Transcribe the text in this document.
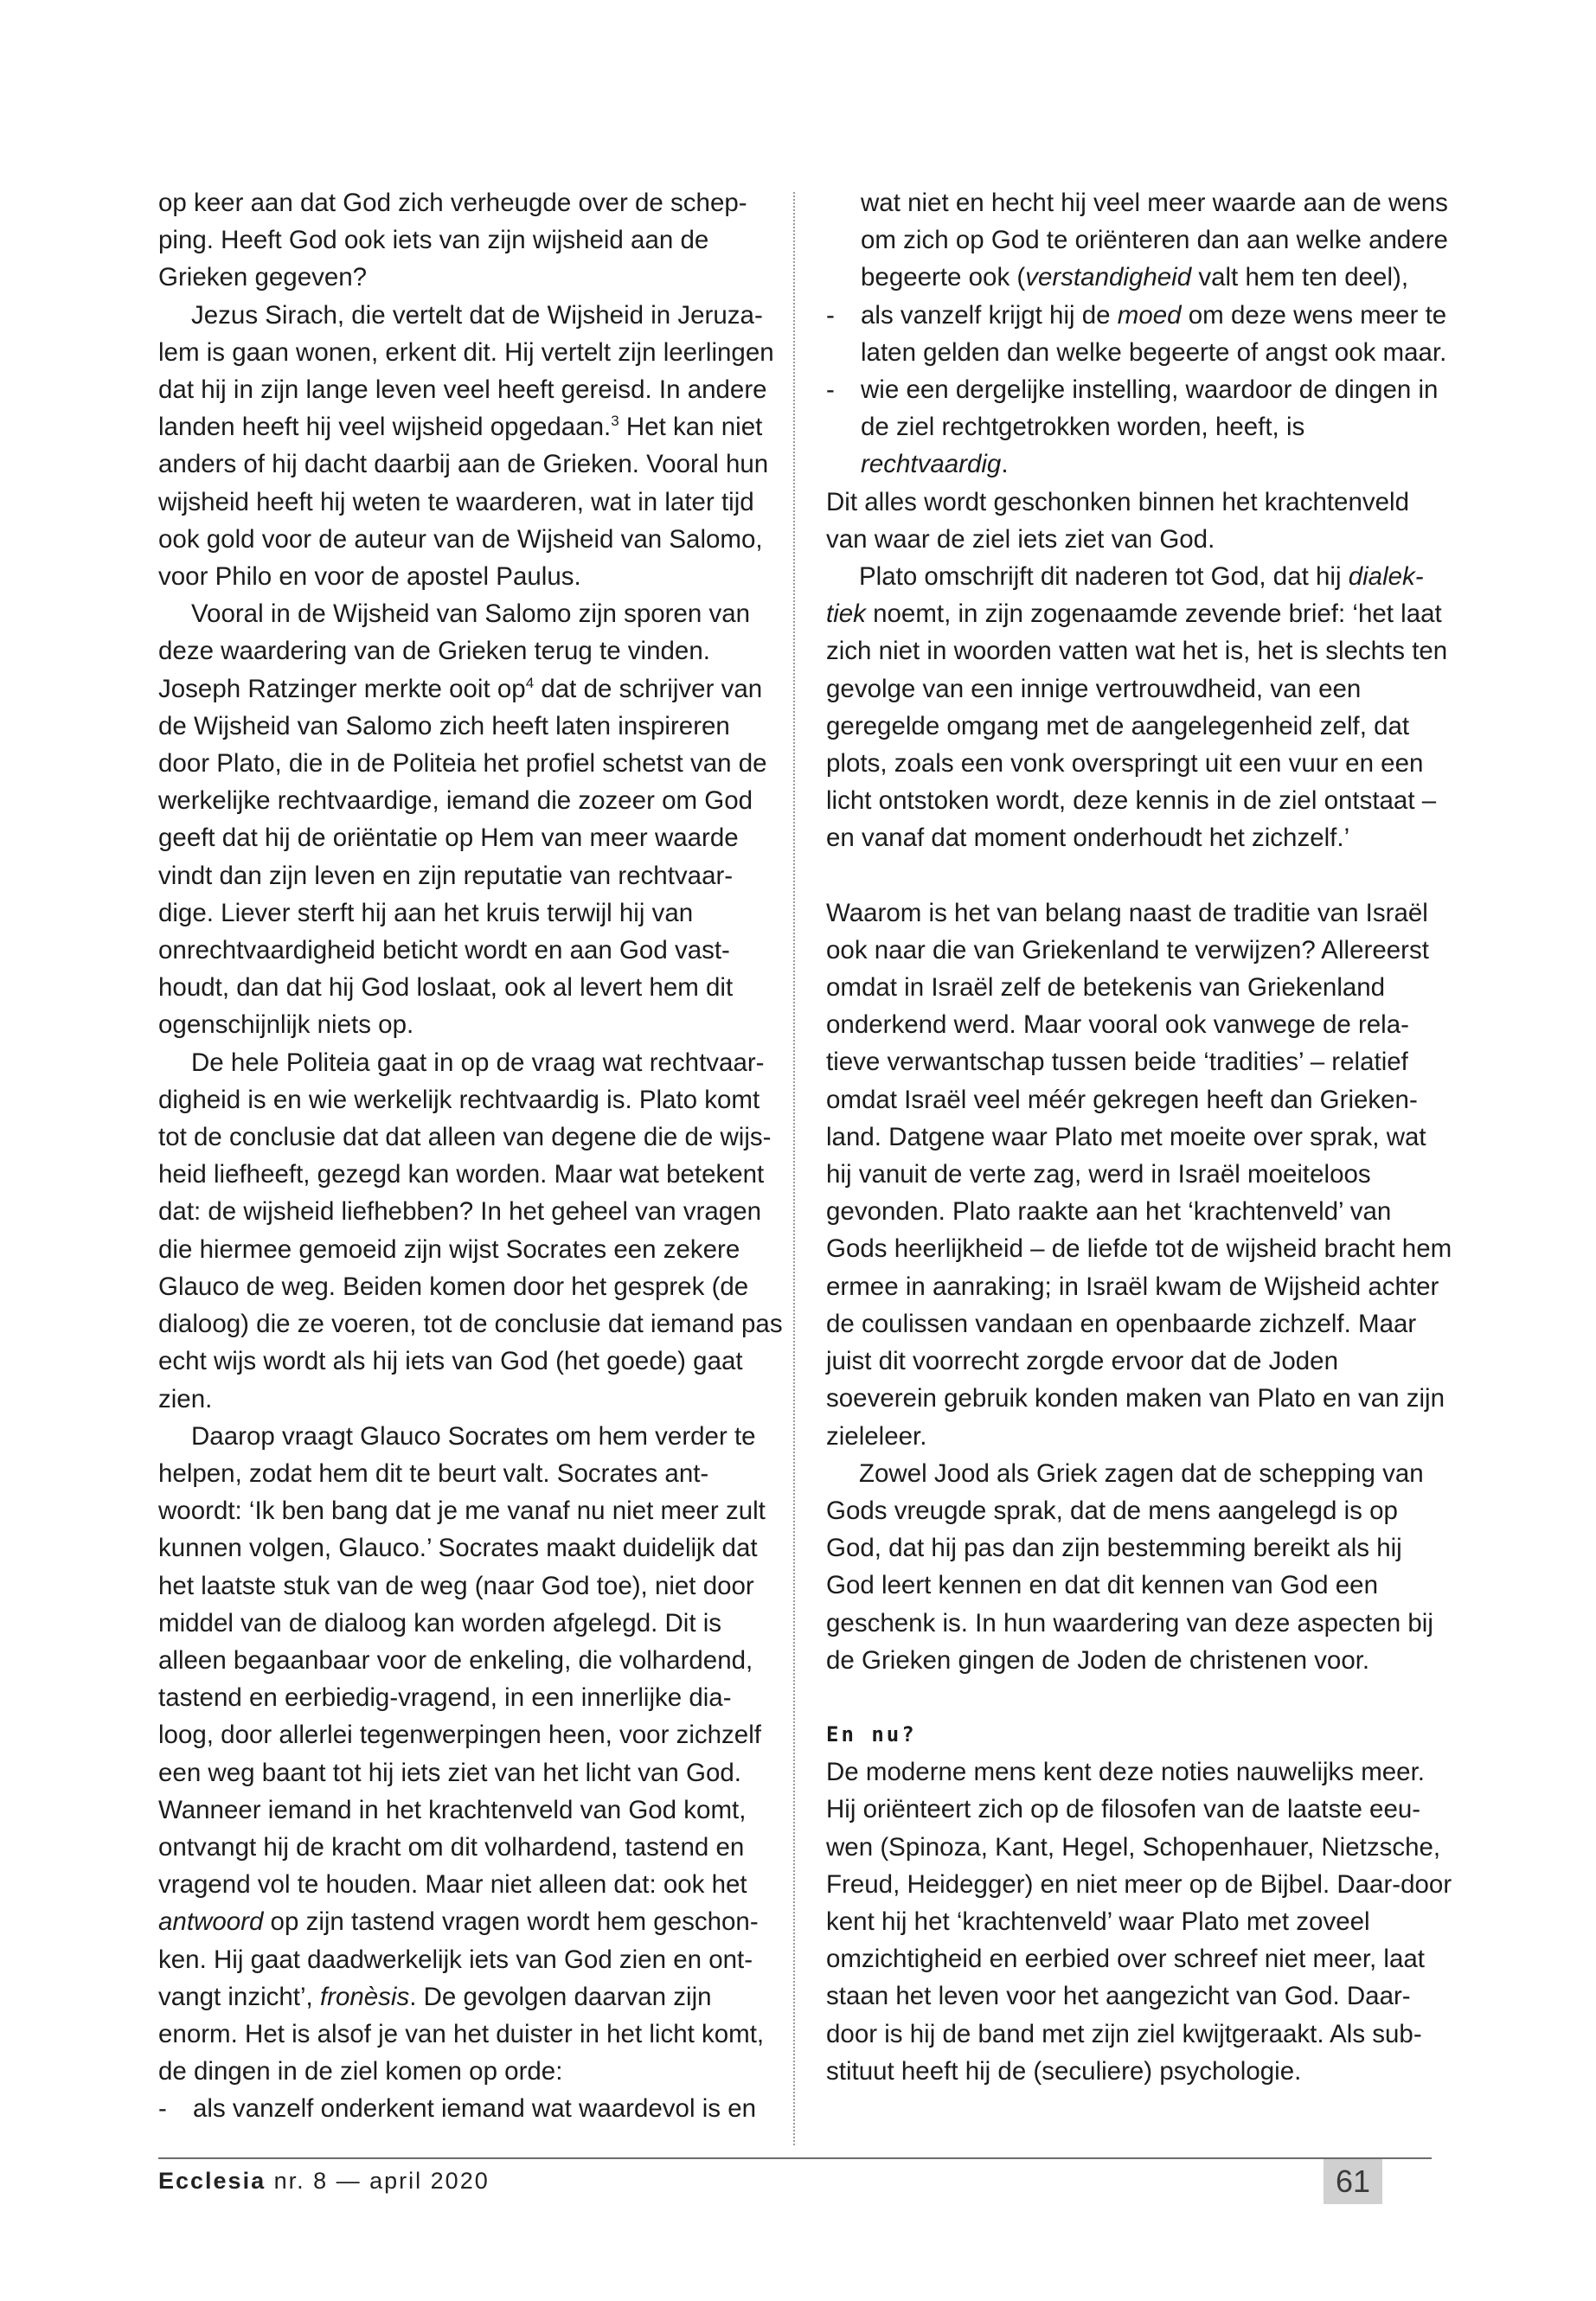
op keer aan dat God zich verheugde over de schep-ping. Heeft God ook iets van zijn wijsheid aan de Grieken gegeven?

Jezus Sirach, die vertelt dat de Wijsheid in Jeruza-lem is gaan wonen, erkent dit. Hij vertelt zijn leerlingen dat hij in zijn lange leven veel heeft gereisd. In andere landen heeft hij veel wijsheid opgedaan.$^3$ Het kan niet anders of hij dacht daarbij aan de Grieken. Vooral hun wijsheid heeft hij weten te waarderen, wat in later tijd ook gold voor de auteur van de Wijsheid van Salomo, voor Philo en voor de apostel Paulus.

Vooral in de Wijsheid van Salomo zijn sporen van deze waardering van de Grieken terug te vinden. Joseph Ratzinger merkte ooit $op^4$ dat de schrijver van de Wijsheid van Salomo zich heeft laten inspireren door Plato, die in de Politeia het profiel schetst van de werkelijke rechtvaardige, iemand die zozeer om God geeft dat hij de oriëntatie op Hem van meer waarde vindt dan zijn leven en zijn reputatie van rechtvaar-dige. Liever sterft hij aan het kruis terwijl hij van onrechtvaardigheid beticht wordt en aan God vast-houdt, dan dat hij God loslaat, ook al levert hem dit ogenschijnlijk niets op.

De hele Politeia gaat in op de vraag wat rechtvaar-digheid is en wie werkelijk rechtvaardig is. Plato komt tot de conclusie dat dat alleen van degene die de wijs-heid liefheeft, gezegd kan worden. Maar wat betekent dat: de wijsheid liefhebben? In het geheel van vragen die hiermee gemoeid zijn wijst Socrates een zekere Glauco de weg. Beiden komen door het gesprek (de dialoog) die ze voeren, tot de conclusie dat iemand pas echt wijs wordt als hij iets van God (het goede) gaat zien.

Daarop vraagt Glauco Socrates om hem verder te helpen, zodat hem dit te beurt valt. Socrates ant-woordt: ‘Ik ben bang dat je me vanaf nu niet meer zult kunnen volgen, Glauco.’ Socrates maakt duidelijk dat het laatste stuk van de weg (naar God toe), niet door middel van de dialoog kan worden afgelegd. Dit is alleen begaanbaar voor de enkeling, die volhardend, tastend en eerbiedig-vragend, in een innerlijke dia-loog, door allerlei tegenwerpingen heen, voor zichzelf een weg baant tot hij iets ziet van het licht van God. Wanneer iemand in het krachtenveld van God komt, ontvangt hij de kracht om dit volhardend, tastend en vragend vol te houden. Maar niet alleen dat: ook het antwoord op zijn tastend vragen wordt hem geschon-ken. Hij gaat daadwerkelijk iets van God zien en ont-vangt inzicht’, fronèsis. De gevolgen daarvan zijn enorm. Het is alsof je van het duister in het licht komt, de dingen in de ziel komen op orde:

- als vanzelf onderkent iemand wat waardevol is en

wat niet en hecht hij veel meer waarde aan de wens om zich op God te oriënteren dan aan welke andere begeerte ook (verstandigheid valt hem ten deel),

- als vanzelf krijgt hij de moed om deze wens meer te laten gelden dan welke begeerte of angst ook maar.

- wie een dergelijke instelling, waardoor de dingen in de ziel rechtgetrokken worden, heeft, is rechtvaardig.

Dit alles wordt geschonken binnen het krachtenveld van waar de ziel iets ziet van God.

Plato omschrijft dit naderen tot God, dat hij dialek-tiek noemt, in zijn zogenaamde zevende brief: ‘het laat zich niet in woorden vatten wat het is, het is slechts ten gevolge van een innige vertrouwdheid, van een geregelde omgang met de aangelegenheid zelf, dat plots, zoals een vonk overspringt uit een vuur en een licht ontstoken wordt, deze kennis in de ziel ontstaat – en vanaf dat moment onderhoudt het zichzelf.’

Waarom is het van belang naast de traditie van Israël ook naar die van Griekenland te verwijzen? Allereerst omdat in Israël zelf de betekenis van Griekenland onderkend werd. Maar vooral ook vanwege de rela-tieve verwantschap tussen beide ‘tradities’ – relatief omdat Israël veel méér gekregen heeft dan Grieken-land. Datgene waar Plato met moeite over sprak, wat hij vanuit de verte zag, werd in Israël moeiteloos gevonden. Plato raakte aan het ‘krachtenveld’ van Gods heerlijkheid – de liefde tot de wijsheid bracht hem ermee in aanraking; in Israël kwam de Wijsheid achter de coulissen vandaan en openbaarde zichzelf. Maar juist dit voorrecht zorgde ervoor dat de Joden soeverein gebruik konden maken van Plato en van zijn zieleleer.

Zowel Jood als Griek zagen dat de schepping van Gods vreugde sprak, dat de mens aangelegd is op God, dat hij pas dan zijn bestemming bereikt als hij God leert kennen en dat dit kennen van God een geschenk is. In hun waardering van deze aspecten bij de Grieken gingen de Joden de christenen voor.

En nu?

De moderne mens kent deze noties nauwelijks meer. Hij oriënteert zich op de filosofen van de laatste eeu-wen (Spinoza, Kant, Hegel, Schopenhauer, Nietzsche, Freud, Heidegger) en niet meer op de Bijbel. Daar-door kent hij het ‘krachtenveld’ waar Plato met zoveel omzichtigheid en eerbied over schreef niet meer, laat staan het leven voor het aangezicht van God. Daar-door is hij de band met zijn ziel kwijtgeraakt. Als sub-stituut heeft hij de (seculiere) psychologie.

Ecclesia nr. 8 — april 2020	61
